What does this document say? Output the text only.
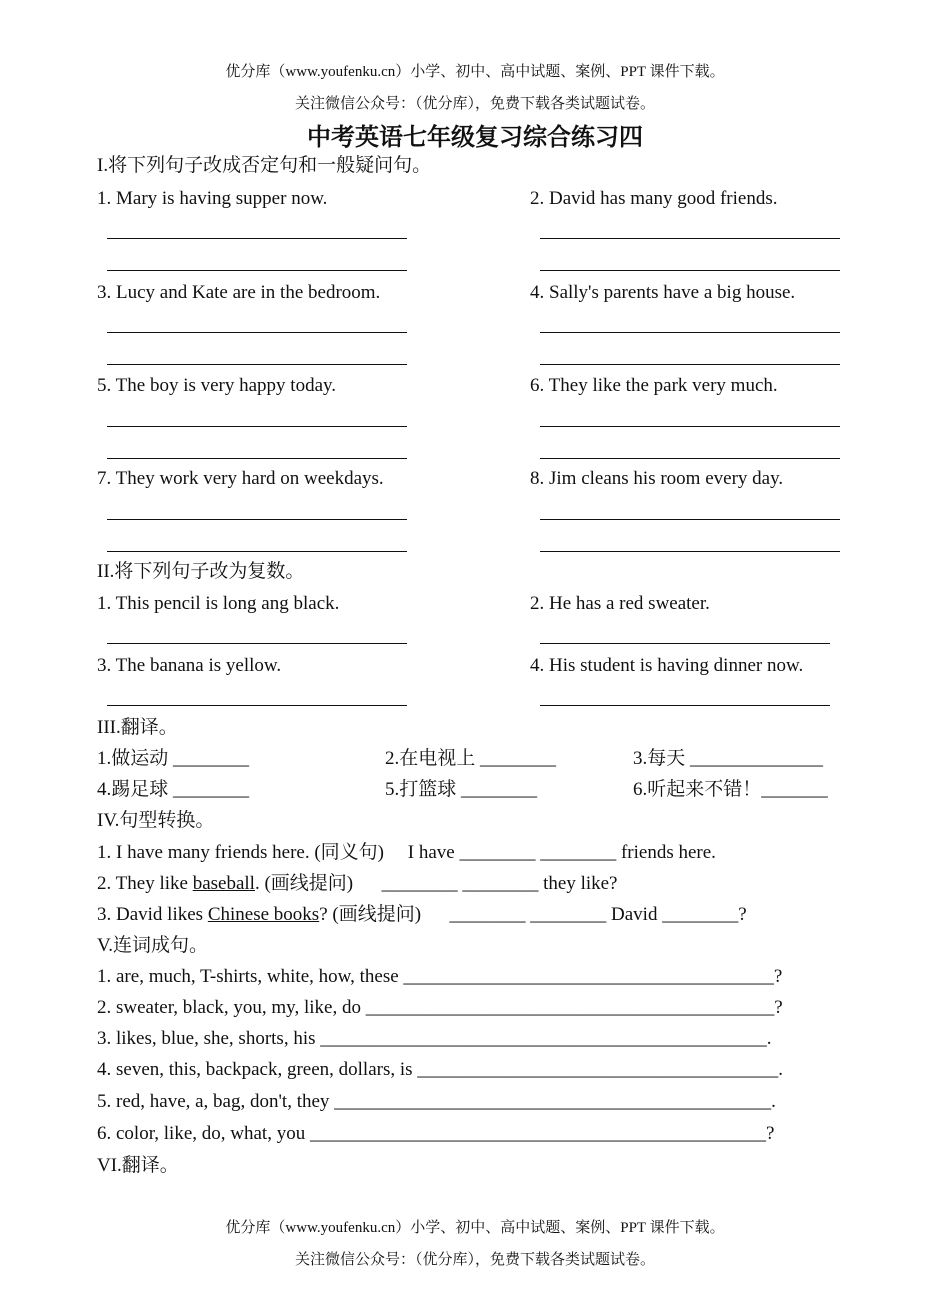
优分库（www.youfenku.cn）小学、初中、高中试题、案例、PPT 课件下载。
关注微信公众号：（优分库），免费下载各类试题试卷。
中考英语七年级复习综合练习四
I.将下列句子改成否定句和一般疑问句。
1. Mary is having supper now.	2. David has many good friends.
3. Lucy and Kate are in the bedroom.	4. Sally's parents have a big house.
5. The boy is very happy today.	6. They like the park very much.
7. They work very hard on weekdays.	8. Jim cleans his room every day.
II.将下列句子改为复数。
1. This pencil is long ang black.	2. He has a red sweater.
3. The banana is yellow.	4. His student is having dinner now.
III.翻译。
1.做运动 ________	2.在电视上 ________	3.每天 ______________
4.踢足球 ________	5.打篮球 ________	6.听起来不错！_______
IV.句型转换。
1. I have many friends here. (同义句)     I have ________ ________ friends here.
2. They like baseball. (画线提问)      ________ ________ they like?
3. David likes Chinese books? (画线提问)      ________ ________ David ________?
V.连词成句。
1. are, much, T-shirts, white, how, these _______________________________________?
2. sweater, black, you, my, like, do ___________________________________________?
3. likes, blue, she, shorts, his _______________________________________________.
4. seven, this, backpack, green, dollars, is ______________________________________.
5. red, have, a, bag, don't, they ______________________________________________.
6. color, like, do, what, you ________________________________________________?
VI.翻译。
优分库（www.youfenku.cn）小学、初中、高中试题、案例、PPT 课件下载。
关注微信公众号：（优分库），免费下载各类试题试卷。
